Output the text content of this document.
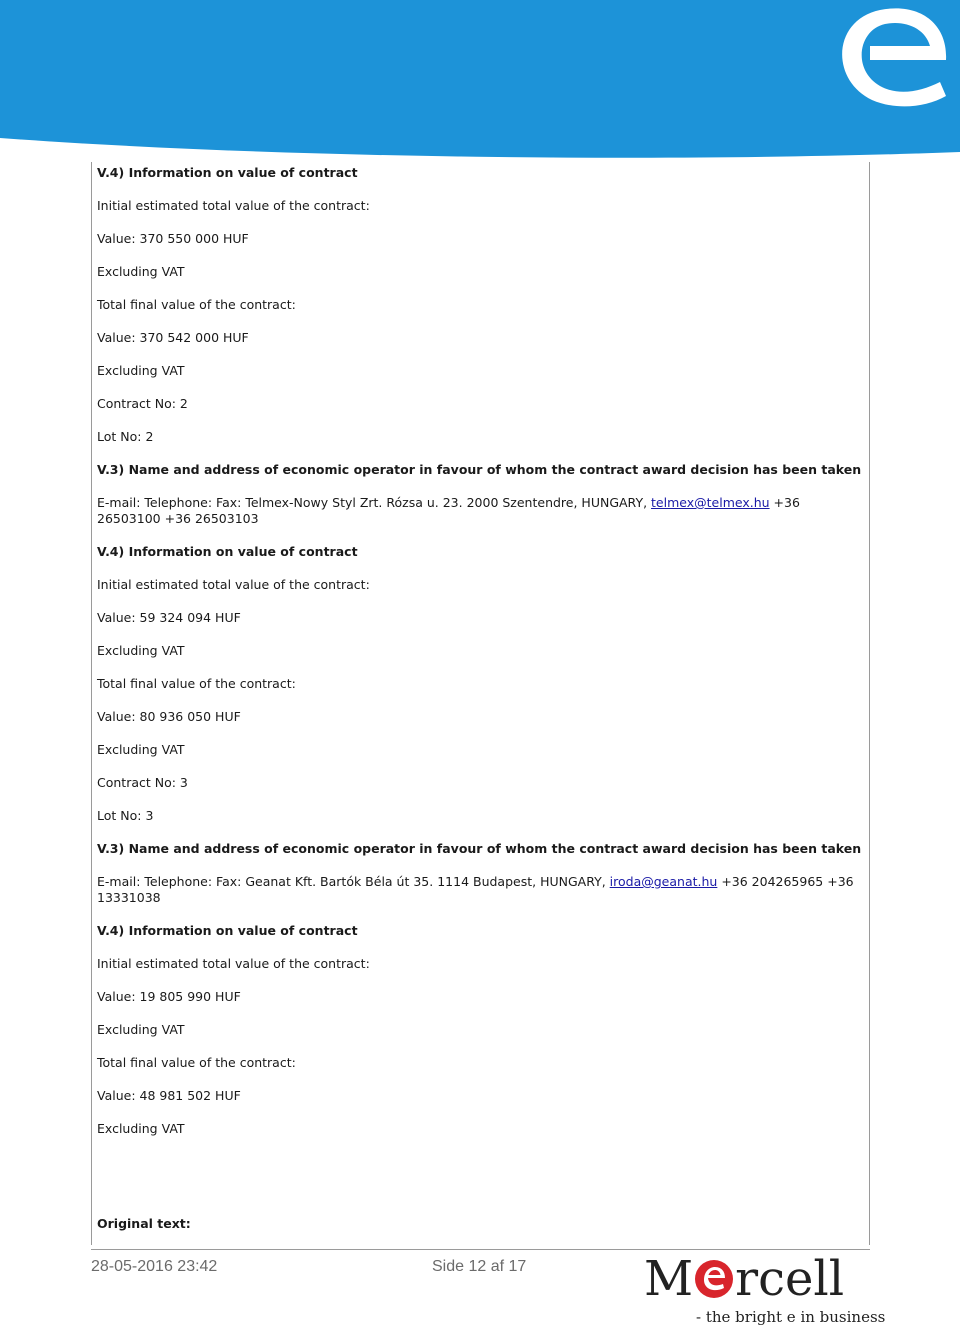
V.4) Information on value of contract
Initial estimated total value of the contract:
Value: 370 550 000 HUF
Excluding VAT
Total final value of the contract:
Value: 370 542 000 HUF
Excluding VAT
Contract No: 2
Lot No: 2
V.3) Name and address of economic operator in favour of whom the contract award decision has been taken
E-mail: Telephone: Fax: Telmex-Nowy Styl Zrt. Rózsa u. 23. 2000 Szentendre, HUNGARY, telmex@telmex.hu +36 26503100 +36 26503103
V.4) Information on value of contract
Initial estimated total value of the contract:
Value: 59 324 094 HUF
Excluding VAT
Total final value of the contract:
Value: 80 936 050 HUF
Excluding VAT
Contract No: 3
Lot No: 3
V.3) Name and address of economic operator in favour of whom the contract award decision has been taken
E-mail: Telephone: Fax: Geanat Kft. Bartók Béla út 35. 1114 Budapest, HUNGARY, iroda@geanat.hu +36 204265965 +36 13331038
V.4) Information on value of contract
Initial estimated total value of the contract:
Value: 19 805 990 HUF
Excluding VAT
Total final value of the contract:
Value: 48 981 502 HUF
Excluding VAT
Original text:
28-05-2016 23:42	Side 12 af 17 M rcell
- the bright e in business
